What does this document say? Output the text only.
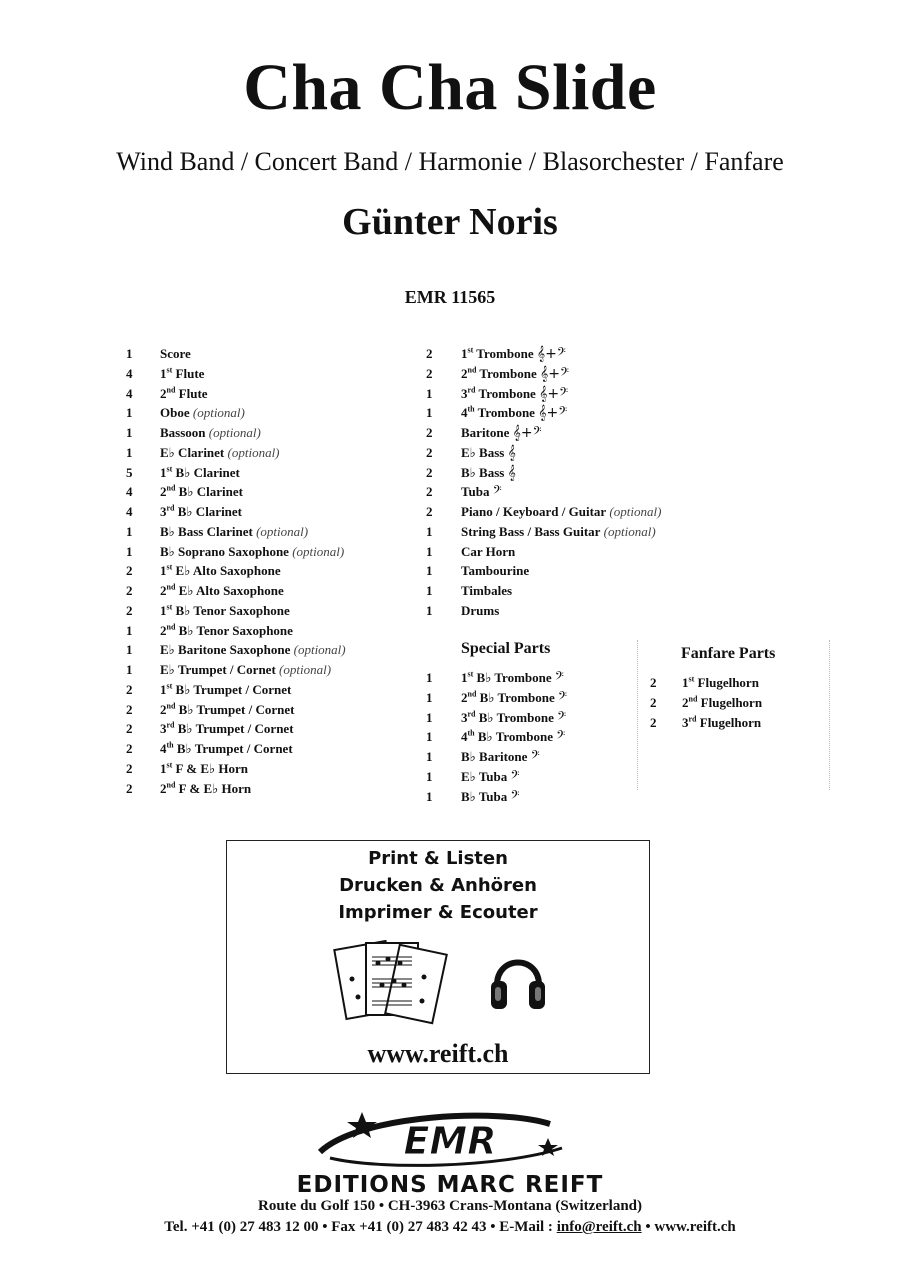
Cha Cha Slide
Wind Band / Concert Band / Harmonie / Blasorchester / Fanfare
Günter Noris
EMR 11565
1	Score
4	1st Flute
4	2nd Flute
1	Oboe (optional)
1	Bassoon (optional)
1	E♭ Clarinet (optional)
5	1st B♭ Clarinet
4	2nd B♭ Clarinet
4	3rd B♭ Clarinet
1	B♭ Bass Clarinet (optional)
1	B♭ Soprano Saxophone (optional)
2	1st E♭ Alto Saxophone
2	2nd E♭ Alto Saxophone
2	1st B♭ Tenor Saxophone
1	2nd B♭ Tenor Saxophone
1	E♭ Baritone Saxophone (optional)
1	E♭ Trumpet / Cornet (optional)
2	1st B♭ Trumpet / Cornet
2	2nd B♭ Trumpet / Cornet
2	3rd B♭ Trumpet / Cornet
2	4th B♭ Trumpet / Cornet
2	1st F & E♭ Horn
2	2nd F & E♭ Horn
2	1st Trombone 𝄞+𝄢
2	2nd Trombone 𝄞+𝄢
1	3rd Trombone 𝄞+𝄢
1	4th Trombone 𝄞+𝄢
2	Baritone 𝄞+𝄢
2	E♭ Bass 𝄞
2	B♭ Bass 𝄞
2	Tuba 𝄢
2	Piano / Keyboard / Guitar (optional)
1	String Bass / Bass Guitar (optional)
1	Car Horn
1	Tambourine
1	Timbales
1	Drums
Special Parts
1	1st B♭ Trombone 𝄢
1	2nd B♭ Trombone 𝄢
1	3rd B♭ Trombone 𝄢
1	4th B♭ Trombone 𝄢
1	B♭ Baritone 𝄢
1	E♭ Tuba 𝄢
1	B♭ Tuba 𝄢
Fanfare Parts
2	1st Flugelhorn
2	2nd Flugelhorn
2	3rd Flugelhorn
Print & Listen
Drucken & Anhören
Imprimer & Ecouter
www.reift.ch
EMR
EDITIONS MARC REIFT
Route du Golf 150 • CH-3963 Crans-Montana (Switzerland)
Tel. +41 (0) 27 483 12 00 • Fax +41 (0) 27 483 42 43 • E-Mail : info@reift.ch • www.reift.ch
